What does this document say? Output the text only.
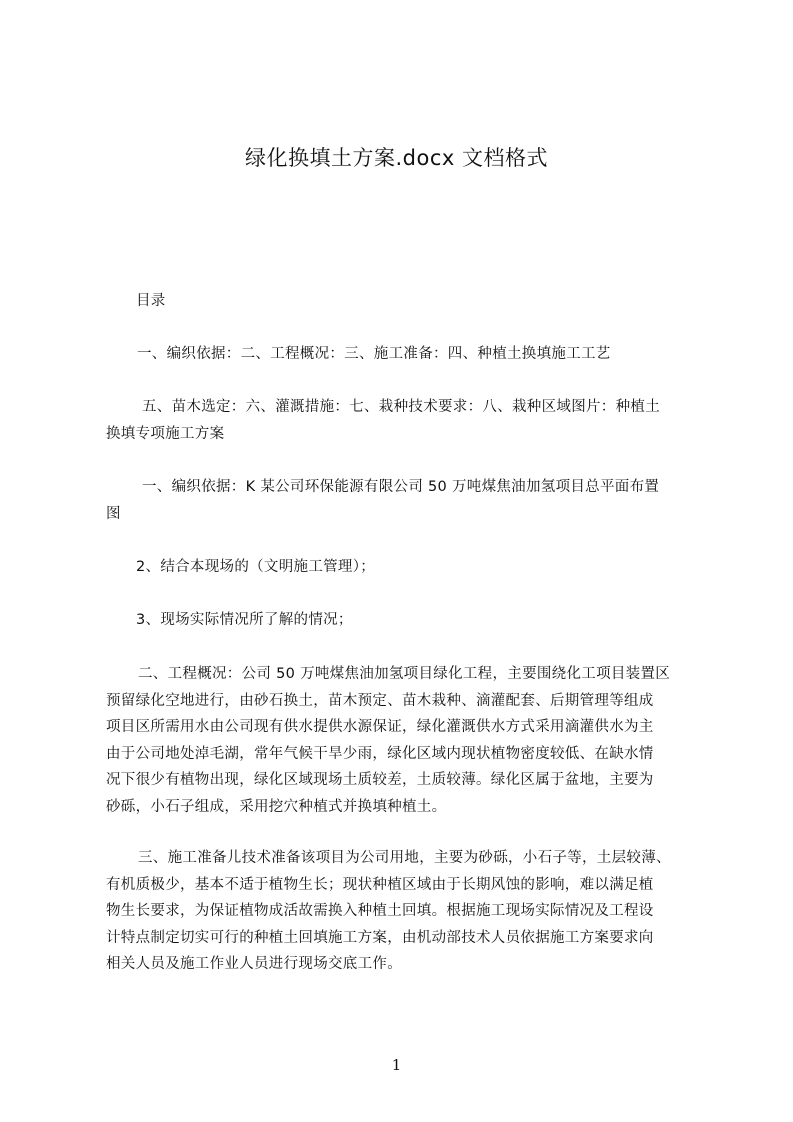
绿化换填土方案.docx 文档格式

目录

一、编织依据：二、工程概况：三、施工准备：四、种植土换填施工工艺

五、苗木选定：六、灌溉措施：七、栽种技术要求：八、栽种区域图片：种植土
换填专项施工方案

一、编织依据：K 某公司环保能源有限公司 50 万吨煤焦油加氢项目总平面布置
图

2、结合本现场的（文明施工管理）；

3、现场实际情况所了解的情况；

二、工程概况：公司 50 万吨煤焦油加氢项目绿化工程，主要围绕化工项目装置区
预留绿化空地进行，由砂石换土，苗木预定、苗木栽种、滴灌配套、后期管理等组成
项目区所需用水由公司现有供水提供水源保证，绿化灌溉供水方式采用滴灌供水为主
由于公司地处淖毛湖，常年气候干旱少雨，绿化区域内现状植物密度较低、在缺水情
况下很少有植物出现，绿化区域现场土质较差，土质较薄。绿化区属于盆地，主要为
砂砾，小石子组成，采用挖穴种植式并换填种植土。

三、施工准备儿技术准备该项目为公司用地，主要为砂砾，小石子等，土层较薄、
有机质极少，基本不适于植物生长；现状种植区域由于长期风蚀的影响，难以满足植
物生长要求，为保证植物成活故需换入种植土回填。根据施工现场实际情况及工程设
计特点制定切实可行的种植土回填施工方案，由机动部技术人员依据施工方案要求向
相关人员及施工作业人员进行现场交底工作。

1
